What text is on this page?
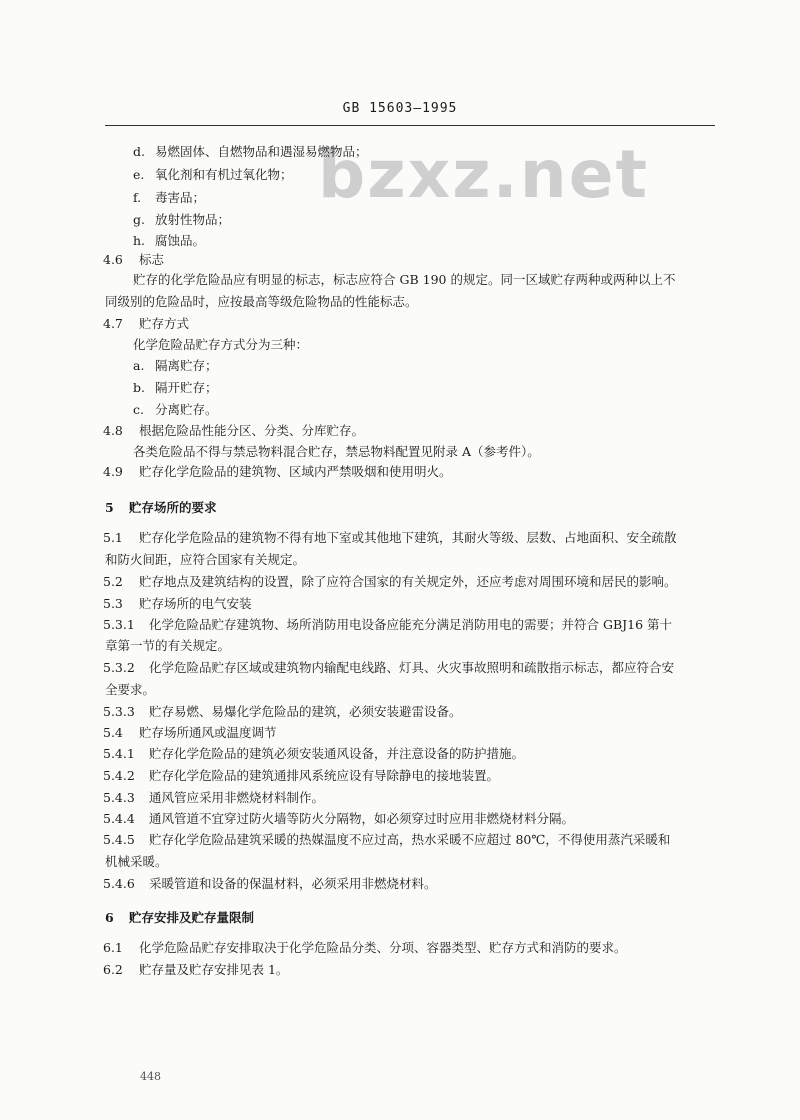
GB 15603—1995
bzxz.net
d. 易燃固体、自燃物品和遇湿易燃物品；
e. 氧化剂和有机过氧化物；
f. 毒害品；
g. 放射性物品；
h. 腐蚀品。
4.6 标志
贮存的化学危险品应有明显的标志，标志应符合 GB 190 的规定。同一区域贮存两种或两种以上不
同级别的危险品时，应按最高等级危险物品的性能标志。
4.7 贮存方式
化学危险品贮存方式分为三种：
a. 隔离贮存；
b. 隔开贮存；
c. 分离贮存。
4.8 根据危险品性能分区、分类、分库贮存。
各类危险品不得与禁忌物料混合贮存，禁忌物料配置见附录 A（参考件）。
4.9 贮存化学危险品的建筑物、区域内严禁吸烟和使用明火。
5 贮存场所的要求
5.1 贮存化学危险品的建筑物不得有地下室或其他地下建筑，其耐火等级、层数、占地面积、安全疏散
和防火间距，应符合国家有关规定。
5.2 贮存地点及建筑结构的设置，除了应符合国家的有关规定外，还应考虑对周围环境和居民的影响。
5.3 贮存场所的电气安装
5.3.1 化学危险品贮存建筑物、场所消防用电设备应能充分满足消防用电的需要；并符合 GBJ16 第十
章第一节的有关规定。
5.3.2 化学危险品贮存区域或建筑物内输配电线路、灯具、火灾事故照明和疏散指示标志，都应符合安
全要求。
5.3.3 贮存易燃、易爆化学危险品的建筑，必须安装避雷设备。
5.4 贮存场所通风或温度调节
5.4.1 贮存化学危险品的建筑必须安装通风设备，并注意设备的防护措施。
5.4.2 贮存化学危险品的建筑通排风系统应设有导除静电的接地装置。
5.4.3 通风管应采用非燃烧材料制作。
5.4.4 通风管道不宜穿过防火墙等防火分隔物，如必须穿过时应用非燃烧材料分隔。
5.4.5 贮存化学危险品建筑采暖的热媒温度不应过高，热水采暖不应超过 80℃，不得使用蒸汽采暖和
机械采暖。
5.4.6 采暖管道和设备的保温材料，必须采用非燃烧材料。
6 贮存安排及贮存量限制
6.1 化学危险品贮存安排取决于化学危险品分类、分项、容器类型、贮存方式和消防的要求。
6.2 贮存量及贮存安排见表 1。
448
